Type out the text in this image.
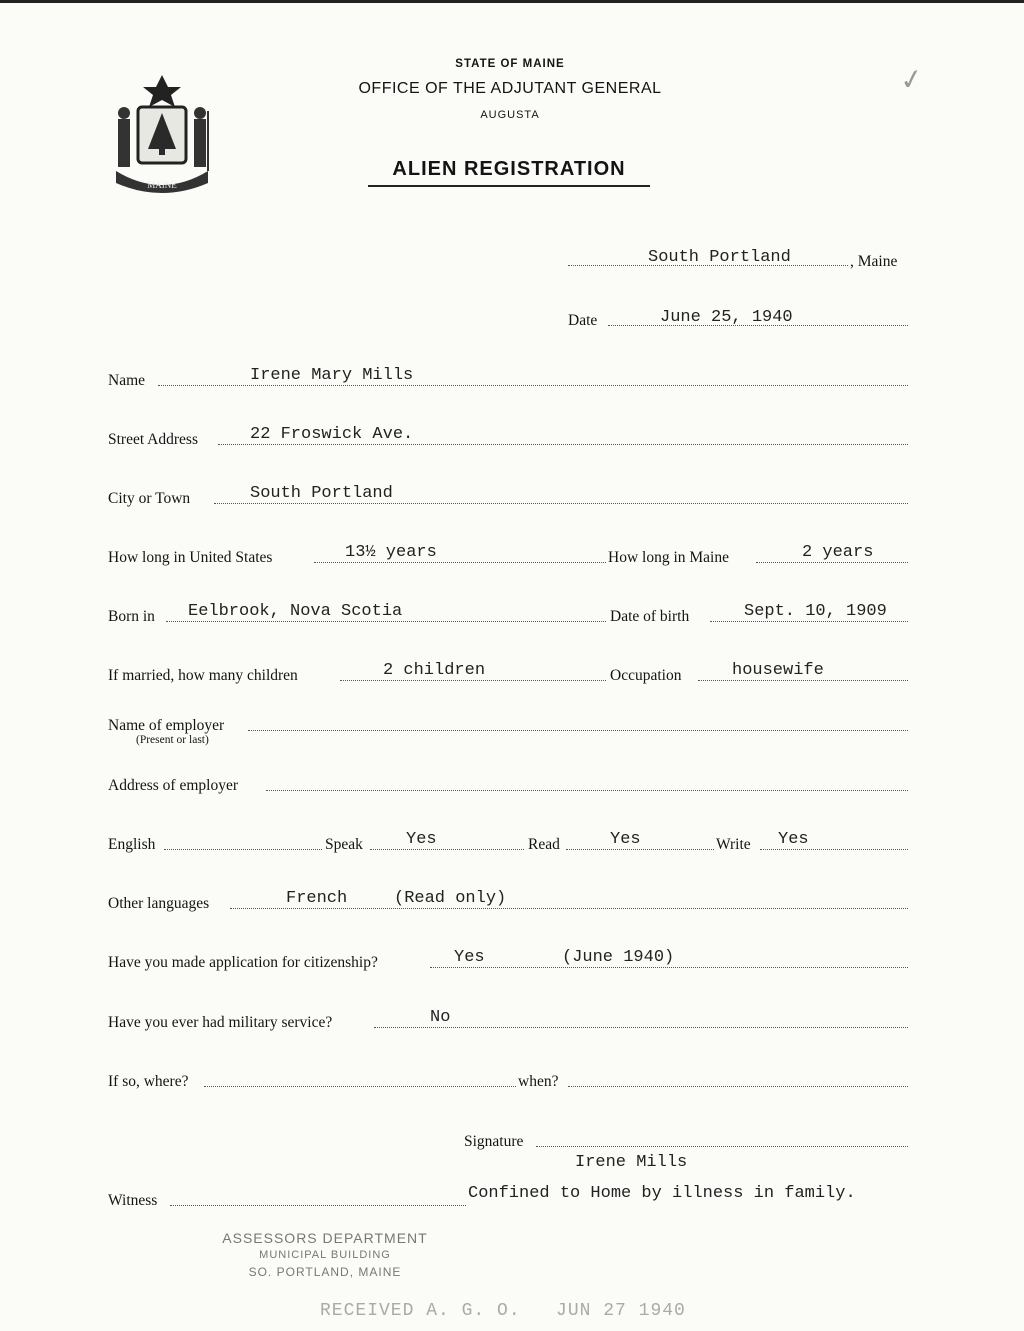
MAINE
STATE OF MAINE
OFFICE OF THE ADJUTANT GENERAL
AUGUSTA
ALIEN REGISTRATION
✓
South Portland	, Maine
Date	June 25, 1940
Name	Irene Mary Mills
Street Address	22 Froswick Ave.
City or Town	South Portland
How long in United States	13½ years	How long in Maine	2 years
Born in Eelbrook, Nova Scotia	Date of birth	Sept. 10, 1909
If married, how many children	2 children	Occupation	housewife
Name of employer
(Present or last)
Address of employer
English	Speak	Yes	Read	Yes	Write Yes
Other languages	French	(Read only)
Have you made application for citizenship?	Yes	(June 1940)
Have you ever had military service?	No
If so, where?	when?
Signature
Irene Mills
Witness	Confined to Home by illness in family.
ASSESSORS DEPARTMENT
MUNICIPAL BUILDING
SO. PORTLAND, MAINE
RECEIVED A. G. O.   JUN 27 1940
